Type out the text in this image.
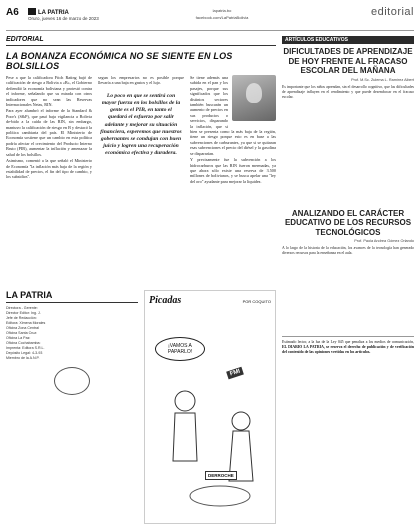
A6	LA PATRIA
Oruro, jueves 16 de marzo de 2023
lapatria.bo
facebook.com/LaPatriaBolivia	editorial
EDITORIAL
LA BONANZA ECONÓMICA NO SE SIENTE EN LOS BOLSILLOS

Pese a que la calificadora Fitch Rating bajó de calificación de riesgo a Bolivia a «B», el Gobierno defiendió la economía boliviana y protestó contra el informe, señalando que su mirada con otros indicadores que no sean las Reservas Internacionales Netas, RIN.

Para ayer alumbró el informe de la Standard & Poor's (S&P), que pasó baja vigilancia a Bolivia de-bido a la caída de las RIN, sin embargo, mantuvo la calificación de riesgo en B y destacó la política cambiaria del país. El Ministerio de Economía sostiene que un cambio en esta política podría afectar el crecimiento del Producto Interno Bruto (PIB), aumentar la inflación y amenazar la salud de los bolsillos.

Asimismo, comentó a la que señaló el Ministerio de Economía "la inflación más baja de la región y estabilidad de precios, el fin del tipo de cambio, y los subsidios".

segun los empresarios no es posible porque llevaría a una baja en gastos y el lujo.

Lo poco en que se sentirá con mayor fuerza en los bolsillos de la gente es el PIB, en tanto el quedará el esfuerzo por salir adelante y mejorar su situación financiera, esperemos que nuestros gobernantes se condujan con buen juicio y logren una recuperación económica efectiva y duradera.

Se tiene además una subida en el pan y los pasajes, porque sus significados que los distintos sectores también buscarán un aumento de precios en sus productos o servicios, disparando la inflación, que si bien se presenta como la más baja de la región, tiene un riesgo porque esto es en base a las subvenciones de carburantes, ya que si se quitaran esas subvenciones el precio del diésel y la gasolina se dispararían.

Y precisamente fue la subvención a los hidrocarburos que las RIN fueron mermadas, ya que ahora sólo existe una reserva de 3.500 millones de bolivianos, y se busca apelar una "ley del oro" ayudante para mejorar la liquidez.

ARTÍCULOS EDUCATIVOS
DIFICULTADES DE APRENDIZAJE DE HOY FRENTE AL FRACASO ESCOLAR DEL MAÑANA
Prof. M.Sc. Zulema L. Ramírez Albert

Es importante que los niños aprendan, sin el desarrollo cognitivo, que las dificultades de aprendizaje influyen en el rendimiento y que puede desembocar en el fracaso escolar.

ANALIZANDO EL CARÁCTER EDUCATIVO DE LOS RECURSOS TECNOLÓGICOS
Prof. Paola Andrea Gómez Orlando

A lo largo de la historia de la educación, los avances de la tecnología han generado diversos recursos para la enseñanza en el aula.

Estimado lector, a la luz de la Ley 045 que penaliza a los medios de comunicación, EL DIARIO LA PATRIA, se reserva el derecho de publicación y de verificación del contenido de las opiniones vertidas en los artículos.
LA PATRIA
Directora - Gerente:
Director Editor: Ing. J.
Jefe de Redacción:
Editora: Ximena Morales
Oficina Zona Central
Oficina Santa Cruz:
Oficina La Paz:
Oficina Cochabamba:
Imprenta: Editora S.R.L.
Depósito Legal: 4-3-93
Miembro de la A.N.P.
Picadas	POR COQUITO
¡VAMOS A PAPARLO!
FMI
DERROCHE
